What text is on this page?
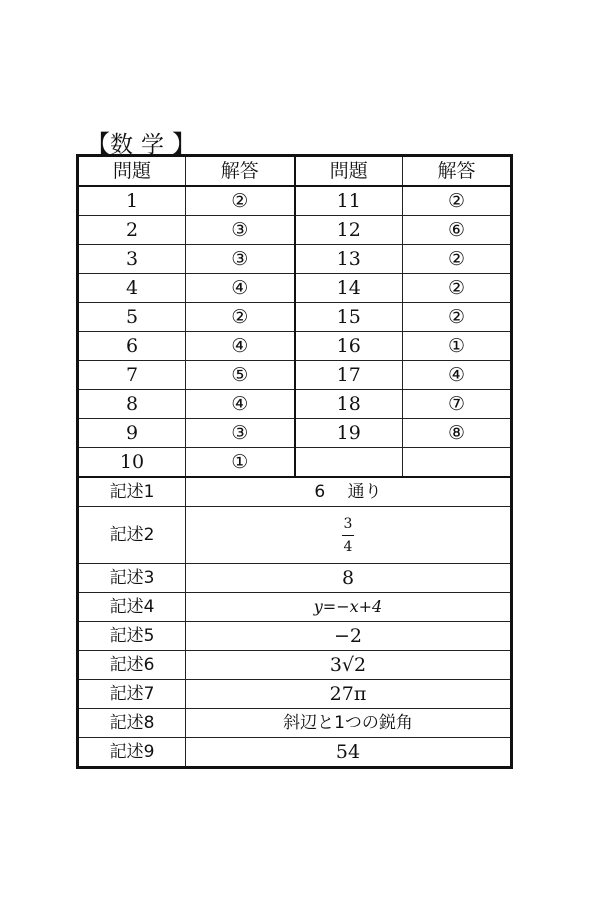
【数学】
問題	解答	問題	解答
1	②	11	②
2	③	12	⑥
3	③	13	②
4	④	14	②
5	②	15	②
6	④	16	①
7	⑤	17	④
8	④	18	⑦
9	③	19	⑧
10	①		
記述1	6　 通り		
記述2	$\frac{3}{4}$

記述3	8		
記述4	y=−x+4		
記述5	−2		
記述6	3√2		
記述7	27π		
記述8	斜辺と1つの鋭角		
記述9	54		
